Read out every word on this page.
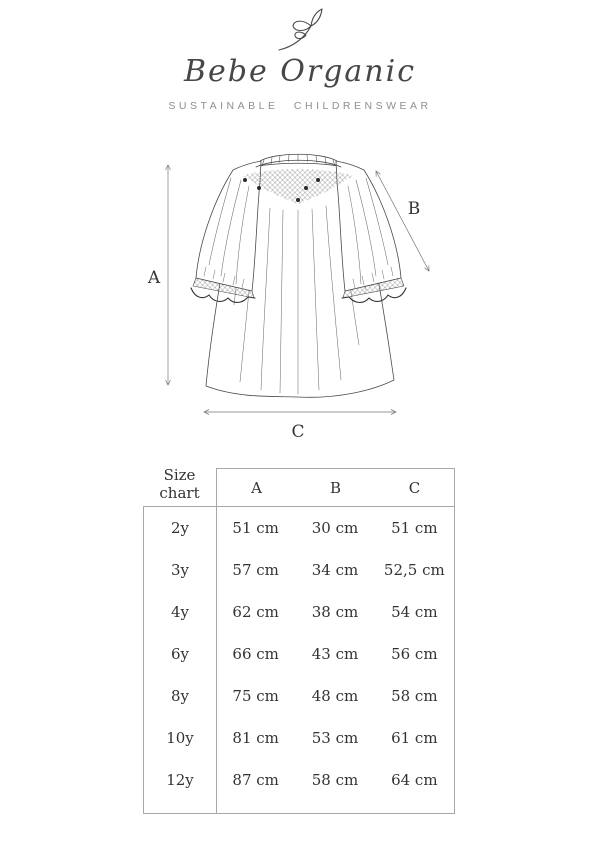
Bebe Organic
SUSTAINABLE CHILDRENSWEAR
A
B
C
Size
chart	A	B	C
2y	51 cm	30 cm	51 cm
3y	57 cm	34 cm	52,5 cm
4y	62 cm	38 cm	54 cm
6y	66 cm	43 cm	56 cm
8y	75 cm	48 cm	58 cm
10y	81 cm	53 cm	61 cm
12y	87 cm	58 cm	64 cm
